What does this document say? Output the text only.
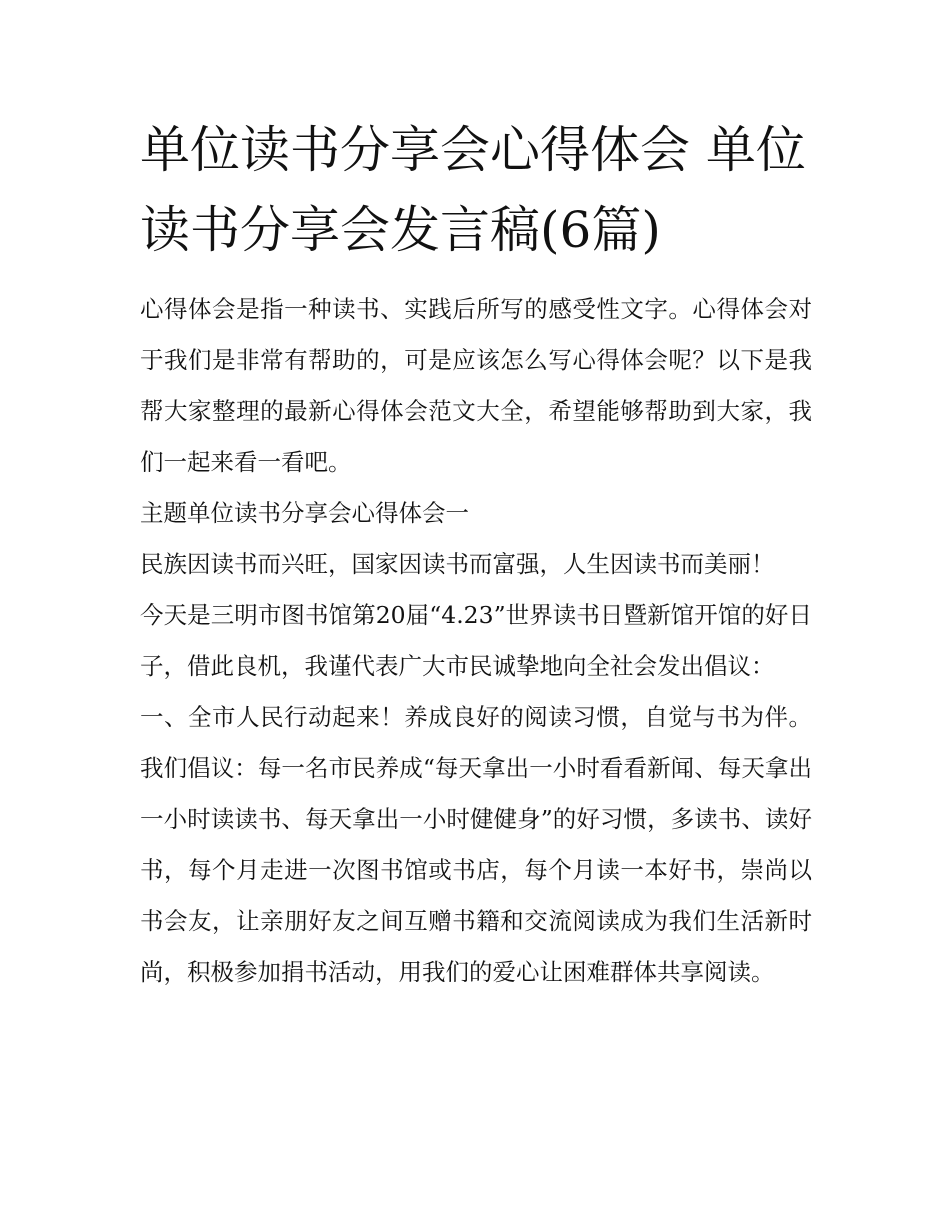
单位读书分享会心得体会 单位读书分享会发言稿(6篇)

心得体会是指一种读书、实践后所写的感受性文字。心得体会对于我们是非常有帮助的，可是应该怎么写心得体会呢？以下是我帮大家整理的最新心得体会范文大全，希望能够帮助到大家，我们一起来看一看吧。

主题单位读书分享会心得体会一

民族因读书而兴旺，国家因读书而富强，人生因读书而美丽！

今天是三明市图书馆第20届“4.23”世界读书日暨新馆开馆的好日子，借此良机，我谨代表广大市民诚挚地向全社会发出倡议：

一、全市人民行动起来！养成良好的阅读习惯，自觉与书为伴。我们倡议：每一名市民养成“每天拿出一小时看看新闻、每天拿出一小时读读书、每天拿出一小时健健身”的好习惯，多读书、读好书，每个月走进一次图书馆或书店，每个月读一本好书，崇尚以书会友，让亲朋好友之间互赠书籍和交流阅读成为我们生活新时尚，积极参加捐书活动，用我们的爱心让困难群体共享阅读。
